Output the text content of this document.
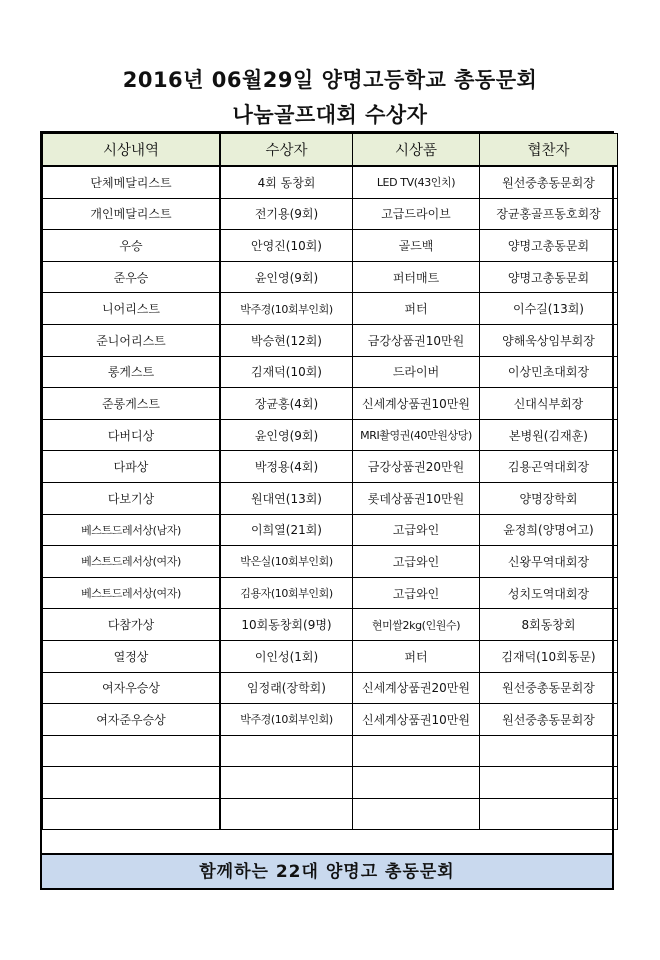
2016년 06월29일 양명고등학교 총동문회
나눔골프대회 수상자
시상내역	수상자	시상품	협찬자
단체메달리스트	4회 동창회	LED TV(43인치)	원선중총동문회장
개인메달리스트	전기용(9회)	고급드라이브	장균홍골프동호회장
우승	안영진(10회)	골드백	양명고총동문회
준우승	윤인영(9회)	퍼터매트	양명고총동문회
니어리스트	박주경(10회부인회)	퍼터	이수길(13회)
준니어리스트	박승현(12회)	금강상품권10만원	양해욱상임부회장
롱게스트	김재덕(10회)	드라이버	이상민초대회장
준롱게스트	장균홍(4회)	신세계상품권10만원	신대식부회장
다버디상	윤인영(9회)	MRI촬영권(40만원상당)	본병원(김재훈)
다파상	박정용(4회)	금강상품권20만원	김용곤역대회장
다보기상	원대연(13회)	롯데상품권10만원	양명장학회
베스트드레서상(남자)	이희열(21회)	고급와인	윤정희(양명여고)
베스트드레서상(여자)	박은실(10회부인회)	고급와인	신왕무역대회장
베스트드레서상(여자)	김용자(10회부인회)	고급와인	성치도역대회장
다참가상	10회동창회(9명)	현미쌀2kg(인원수)	8회동창회
열정상	이인성(1회)	퍼터	김재덕(10회동문)
여자우승상	임정래(장학회)	신세계상품권20만원	원선중총동문회장
여자준우승상	박주경(10회부인회)	신세계상품권10만원	원선중총동문회장

함께하는 22대 양명고 총동문회
